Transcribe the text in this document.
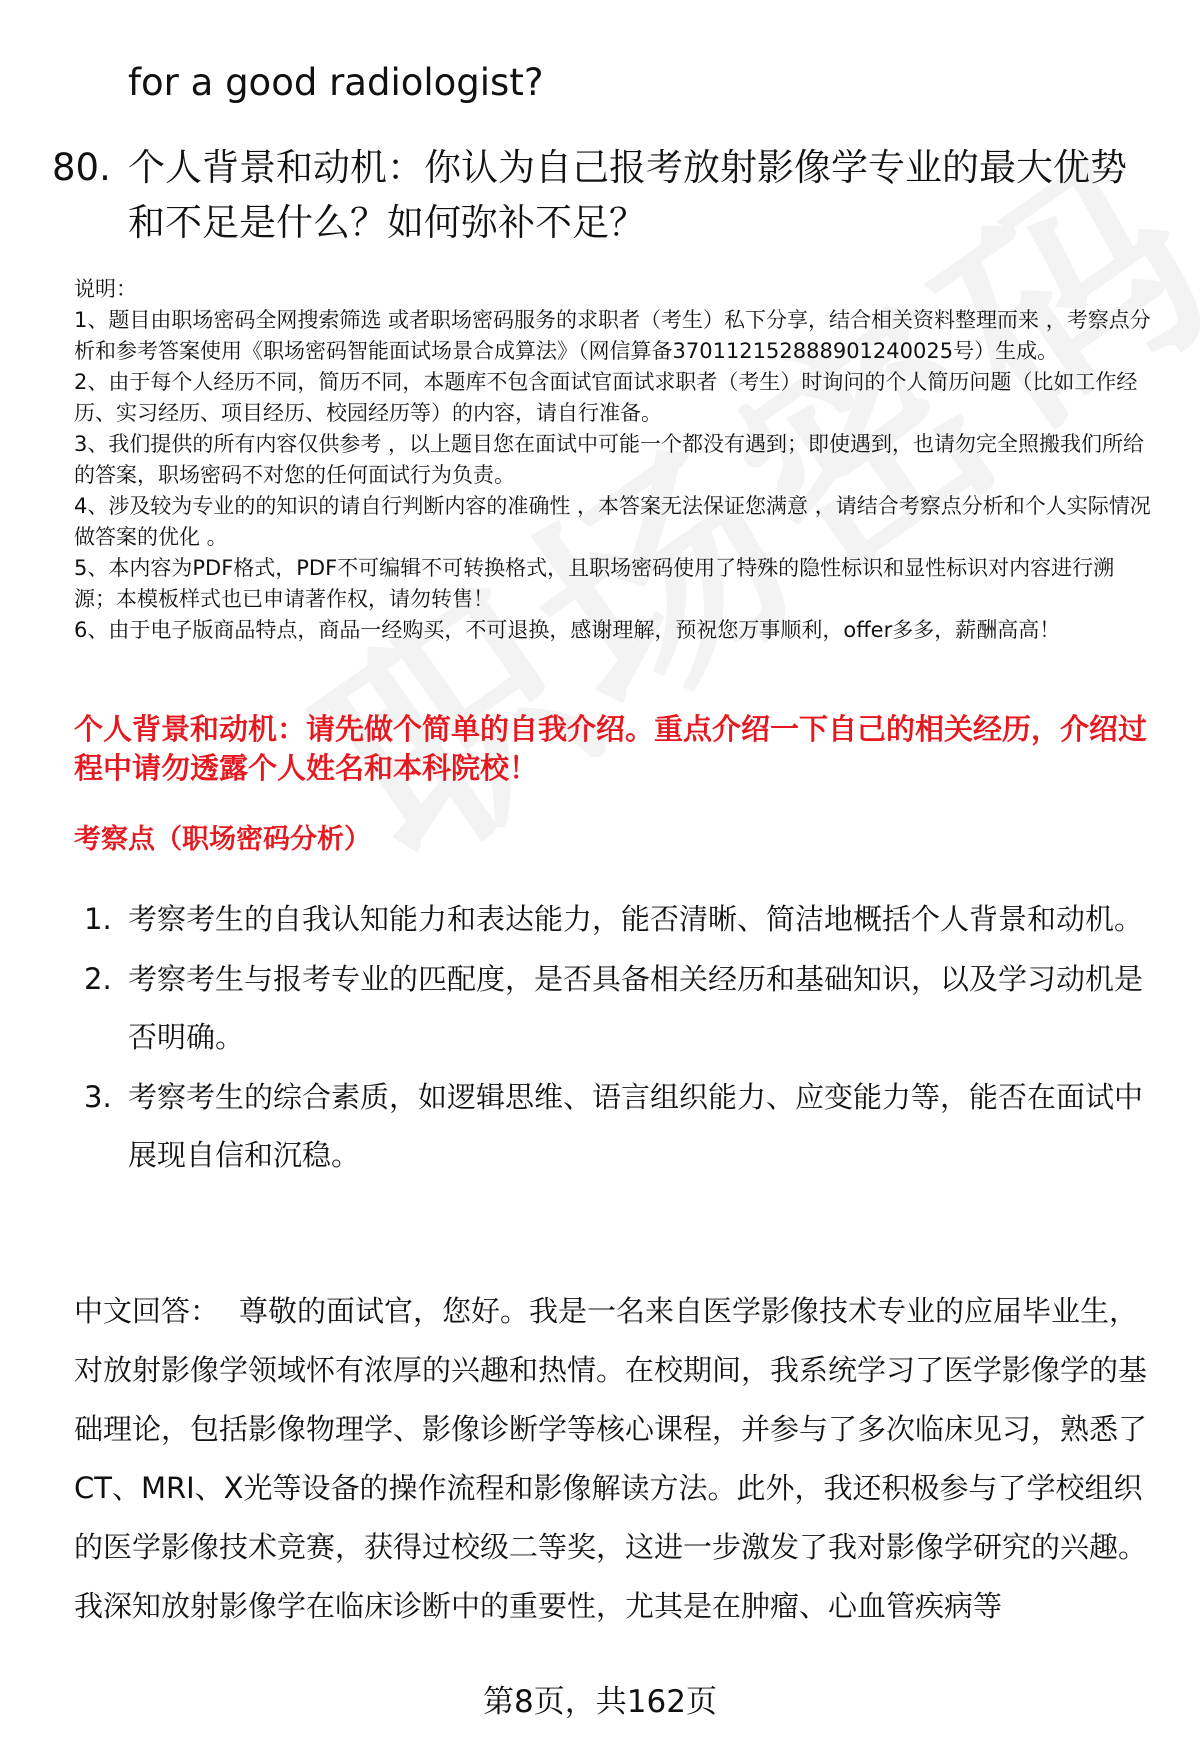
for a good radiologist?
80. 个人背景和动机：你认为自己报考放射影像学专业的最大优势和不足是什么？如何弥补不足？

说明：

1、题目由职场密码全网搜索筛选 或者职场密码服务的求职者（考生）私下分享，结合相关资料整理而来 ，考察点分析和参考答案使用《职场密码智能面试场景合成算法》（网信算备370112152888901240025号）生成。

2、由于每个人经历不同，简历不同，本题库不包含面试官面试求职者（考生）时询问的个人简历问题（比如工作经历、实习经历、项目经历、校园经历等）的内容，请自行准备。

3、我们提供的所有内容仅供参考 ，以上题目您在面试中可能一个都没有遇到；即使遇到，也请勿完全照搬我们所给的答案，职场密码不对您的任何面试行为负责。

4、涉及较为专业的的知识的请自行判断内容的准确性 ，本答案无法保证您满意 ，请结合考察点分析和个人实际情况做答案的优化 。

5、本内容为PDF格式，PDF不可编辑不可转换格式，且职场密码使用了特殊的隐性标识和显性标识对内容进行溯源；本模板样式也已申请著作权，请勿转售！

6、由于电子版商品特点，商品一经购买，不可退换，感谢理解，预祝您万事顺利，offer多多，薪酬高高！

个人背景和动机：请先做个简单的自我介绍。重点介绍一下自己的相关经历，介绍过程中请勿透露个人姓名和本科院校！
考察点（职场密码分析）
1. 考察考生的自我认知能力和表达能力，能否清晰、简洁地概括个人背景和动机。
2. 考察考生与报考专业的匹配度，是否具备相关经历和基础知识，以及学习动机是否明确。
3. 考察考生的综合素质，如逻辑思维、语言组织能力、应变能力等，能否在面试中展现自信和沉稳。
中文回答： 尊敬的面试官，您好。我是一名来自医学影像技术专业的应届毕业生，对放射影像学领域怀有浓厚的兴趣和热情。在校期间，我系统学习了医学影像学的基础理论，包括影像物理学、影像诊断学等核心课程，并参与了多次临床见习，熟悉了CT、MRI、X光等设备的操作流程和影像解读方法。此外，我还积极参与了学校组织的医学影像技术竞赛，获得过校级二等奖，这进一步激发了我对影像学研究的兴趣。我深知放射影像学在临床诊断中的重要性，尤其是在肿瘤、心血管疾病等
第8页，共162页
